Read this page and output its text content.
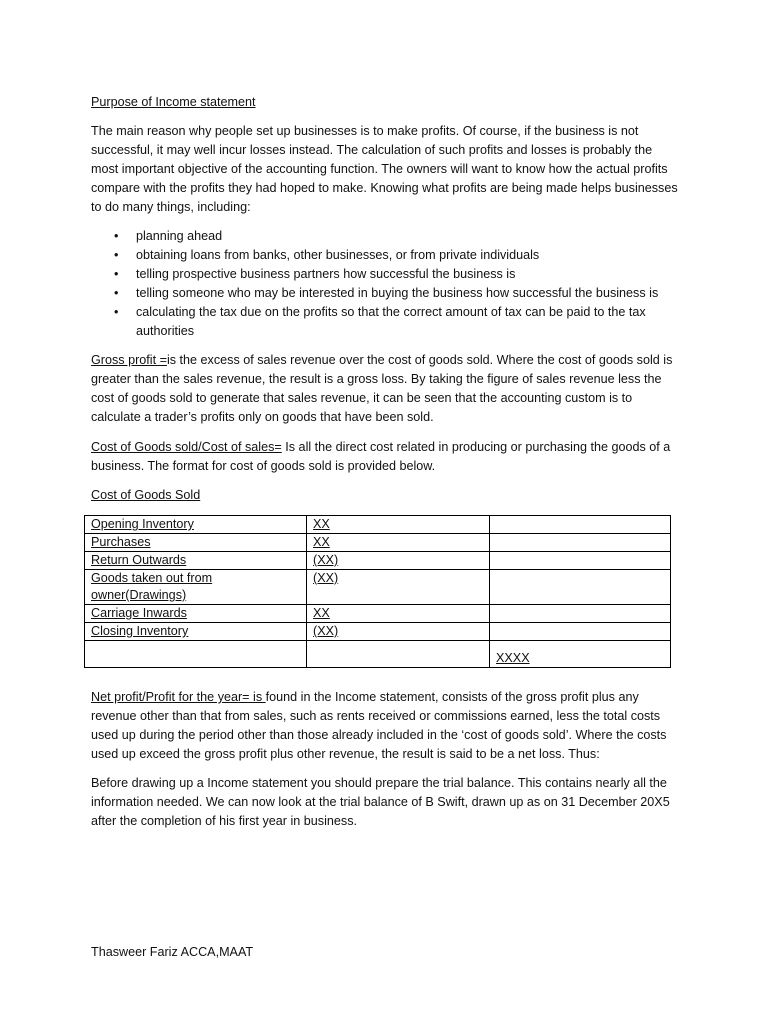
Purpose of Income statement

The main reason why people set up businesses is to make profits. Of course, if the business is not successful, it may well incur losses instead. The calculation of such profits and losses is probably the most important objective of the accounting function. The owners will want to know how the actual profits compare with the profits they had hoped to make. Knowing what profits are being made helps businesses to do many things, including:

• planning ahead
• obtaining loans from banks, other businesses, or from private individuals
• telling prospective business partners how successful the business is
• telling someone who may be interested in buying the business how successful the business is
• calculating the tax due on the profits so that the correct amount of tax can be paid to the tax authorities

Gross profit =is the excess of sales revenue over the cost of goods sold. Where the cost of goods sold is greater than the sales revenue, the result is a gross loss. By taking the figure of sales revenue less the cost of goods sold to generate that sales revenue, it can be seen that the accounting custom is to calculate a trader’s profits only on goods that have been sold.

Cost of Goods sold/Cost of sales= Is all the direct cost related in producing or purchasing the goods of a business. The format for cost of goods sold is provided below.

Cost of Goods Sold

Opening Inventory	XX	
Purchases	XX	
Return Outwards	(XX)	
Goods taken out from owner(Drawings)	(XX)	
Carriage Inwards	XX	
Closing Inventory	(XX)	
		XXXX

Net profit/Profit for the year= is found in the Income statement, consists of the gross profit plus any revenue other than that from sales, such as rents received or commissions earned, less the total costs used up during the period other than those already included in the ‘cost of goods sold’. Where the costs used up exceed the gross profit plus other revenue, the result is said to be a net loss. Thus:

Before drawing up a Income statement you should prepare the trial balance. This contains nearly all the information needed. We can now look at the trial balance of B Swift, drawn up as on 31 December 20X5 after the completion of his first year in business.

Thasweer Fariz ACCA,MAAT
